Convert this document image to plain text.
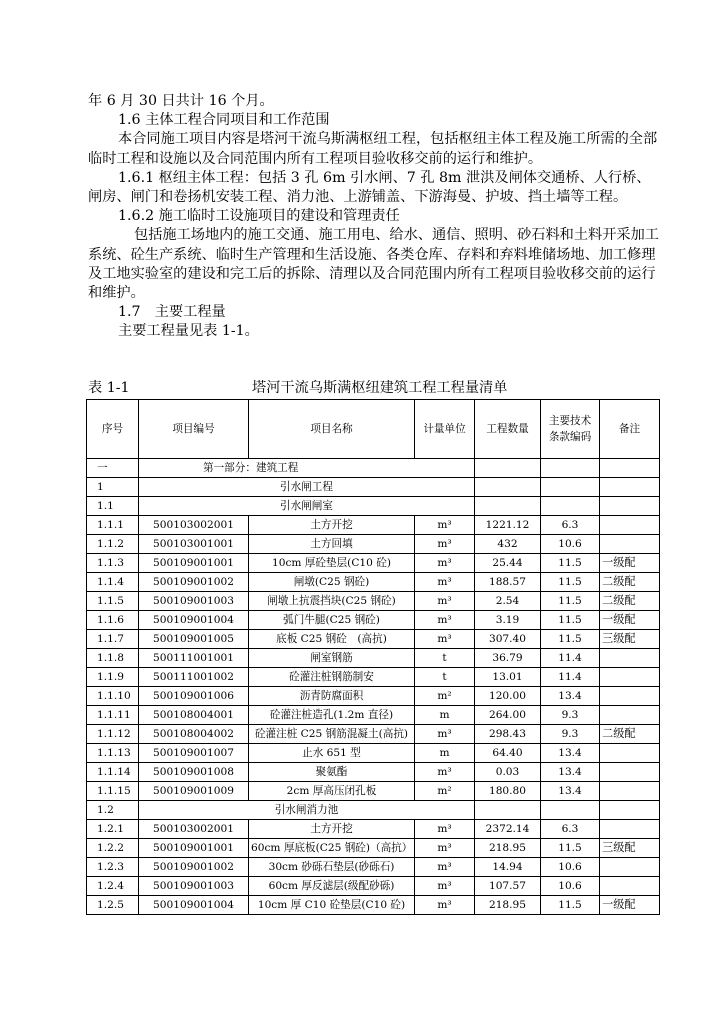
年 6 月 30 日共计 16 个月。

1.6 主体工程合同项目和工作范围

本合同施工项目内容是塔河干流乌斯满枢纽工程，包括枢纽主体工程及施工所需的全部临时工程和设施以及合同范围内所有工程项目验收移交前的运行和维护。

1.6.1 枢纽主体工程：包括 3 孔 6m 引水闸、7 孔 8m 泄洪及闸体交通桥、人行桥、闸房、闸门和卷扬机安装工程、消力池、上游铺盖、下游海曼、护坡、挡土墙等工程。

1.6.2 施工临时工设施项目的建设和管理责任

包括施工场地内的施工交通、施工用电、给水、通信、照明、砂石料和土料开采加工系统、砼生产系统、临时生产管理和生活设施、各类仓库、存料和弃料堆储场地、加工修理及工地实验室的建设和完工后的拆除、清理以及合同范围内所有工程项目验收移交前的运行和维护。

1.7　主要工程量

主要工程量见表 1-1。

表 1-1	塔河干流乌斯满枢纽建筑工程工程量清单
序号	项目编号	项目名称	计量单位	工程数量	主要技术条款编码	备注
一	第一部分：建筑工程					
1	引水闸工程					
1.1	引水闸闸室					
1.1.1	500103002001	土方开挖	m³	1221.12	6.3	
1.1.2	500103001001	土方回填	m³	432	10.6	
1.1.3	500109001001	10cm 厚砼垫层(C10 砼)	m³	25.44	11.5	一级配
1.1.4	500109001002	闸墩(C25 钢砼)	m³	188.57	11.5	二级配
1.1.5	500109001003	闸墩上抗震挡块(C25 钢砼)	m³	2.54	11.5	二级配
1.1.6	500109001004	弧门牛腿(C25 钢砼)	m³	3.19	11.5	一级配
1.1.7	500109001005	底板 C25 钢砼　(高抗)	m³	307.40	11.5	三级配
1.1.8	500111001001	闸室钢筋	t	36.79	11.4	
1.1.9	500111001002	砼灌注桩钢筋制安	t	13.01	11.4	
1.1.10	500109001006	沥青防腐面积	m²	120.00	13.4	
1.1.11	500108004001	砼灌注桩造孔(1.2m 直径)	m	264.00	9.3	
1.1.12	500108004002	砼灌注桩 C25 钢筋混凝土(高抗)	m³	298.43	9.3	二级配
1.1.13	500109001007	止水 651 型	m	64.40	13.4	
1.1.14	500109001008	聚氨酯	m³	0.03	13.4	
1.1.15	500109001009	2cm 厚高压闭孔板	m²	180.80	13.4	
1.2	引水闸消力池					
1.2.1	500103002001	土方开挖	m³	2372.14	6.3	
1.2.2	500109001001	60cm 厚底板(C25 钢砼)（高抗）	m³	218.95	11.5	三级配
1.2.3	500109001002	30cm 砂砾石垫层(砂砾石)	m³	14.94	10.6	
1.2.4	500109001003	60cm 厚反滤层(级配砂砾)	m³	107.57	10.6	
1.2.5	500109001004	10cm 厚 C10 砼垫层(C10 砼)	m³	218.95	11.5	一级配
